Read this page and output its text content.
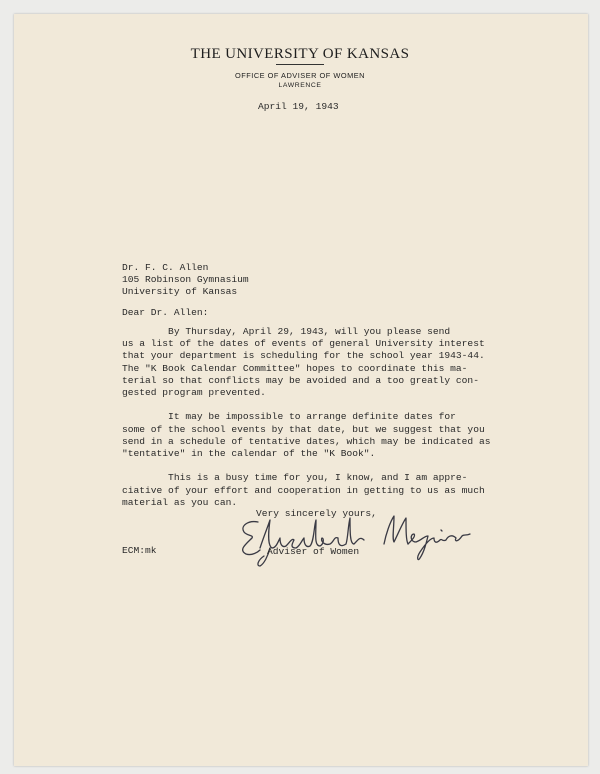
THE UNIVERSITY OF KANSAS
OFFICE OF ADVISER OF WOMEN
LAWRENCE
April 19, 1943
Dr. F. C. Allen
105 Robinson Gymnasium
University of Kansas
Dear Dr. Allen:
By Thursday, April 29, 1943, will you please send
us a list of the dates of events of general University interest
that your department is scheduling for the school year 1943-44.
The "K Book Calendar Committee" hopes to coordinate this ma-
terial so that conflicts may be avoided and a too greatly con-
gested program prevented.

It may be impossible to arrange definite dates for
some of the school events by that date, but we suggest that you
send in a schedule of tentative dates, which may be indicated as
"tentative" in the calendar of the "K Book".

This is a busy time for you, I know, and I am appre-
ciative of your effort and cooperation in getting to us as much
material as you can.
Very sincerely yours,
Adviser of Women
ECM:mk
